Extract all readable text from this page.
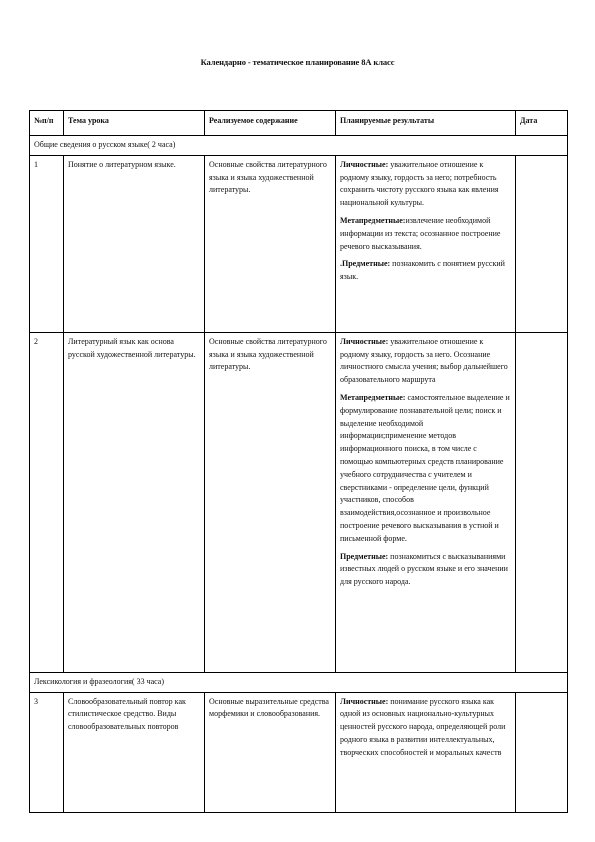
Календарно - тематическое планирование 8А класс
№п/п	Тема урока	Реализуемое содержание	Планируемые результаты	Дата
Общие сведения о русском языке( 2 часа)				
1	Понятие о литературном языке.	Основные свойства литературного языка и языка художественной литературы.	Личностные: уважительное отношение к родному языку, гордость за него; потребность сохранить чистоту русского языка как явления национальной культуры.
Метапредметные:извлечение необходимой информации из текста; осознанное построение речевого высказывания.
.Предметные: познакомить с понятием русский язык.	

2	Литературный язык как основа русской художественной литературы.	Основные свойства литературного языка и языка художественной литературы.	Личностные: уважительное отношение к родному языку, гордость за него. Осознание личностного смысла учения; выбор дальнейшего образовательного маршрута
Метапредметные: самостоятельное выделение и формулирование познавательной цели; поиск и выделение необходимой информации;применение методов информационного поиска, в том числе с помощью компьютерных средств планирование учебного сотрудничества с учителем и сверстниками - определение цели, функций участников, способов взаимодействия,осознанное и произвольное построение речевого высказывания в устной и письменной форме.
Предметные: познакомиться с высказываниями известных людей о русском языке и его значении для русского народа.	

Лексикология и фразеология( 33 часа)				
3	Словообразовательный повтор как стилистическое средство. Виды словообразовательных повторов	Основные выразительные средства морфемики и словообразования.	Личностные: понимание русского языка как одной из основных национально-культурных ценностей русского народа, определяющей роли родного языка в развитии интеллектуальных, творческих способностей и моральных качеств	
